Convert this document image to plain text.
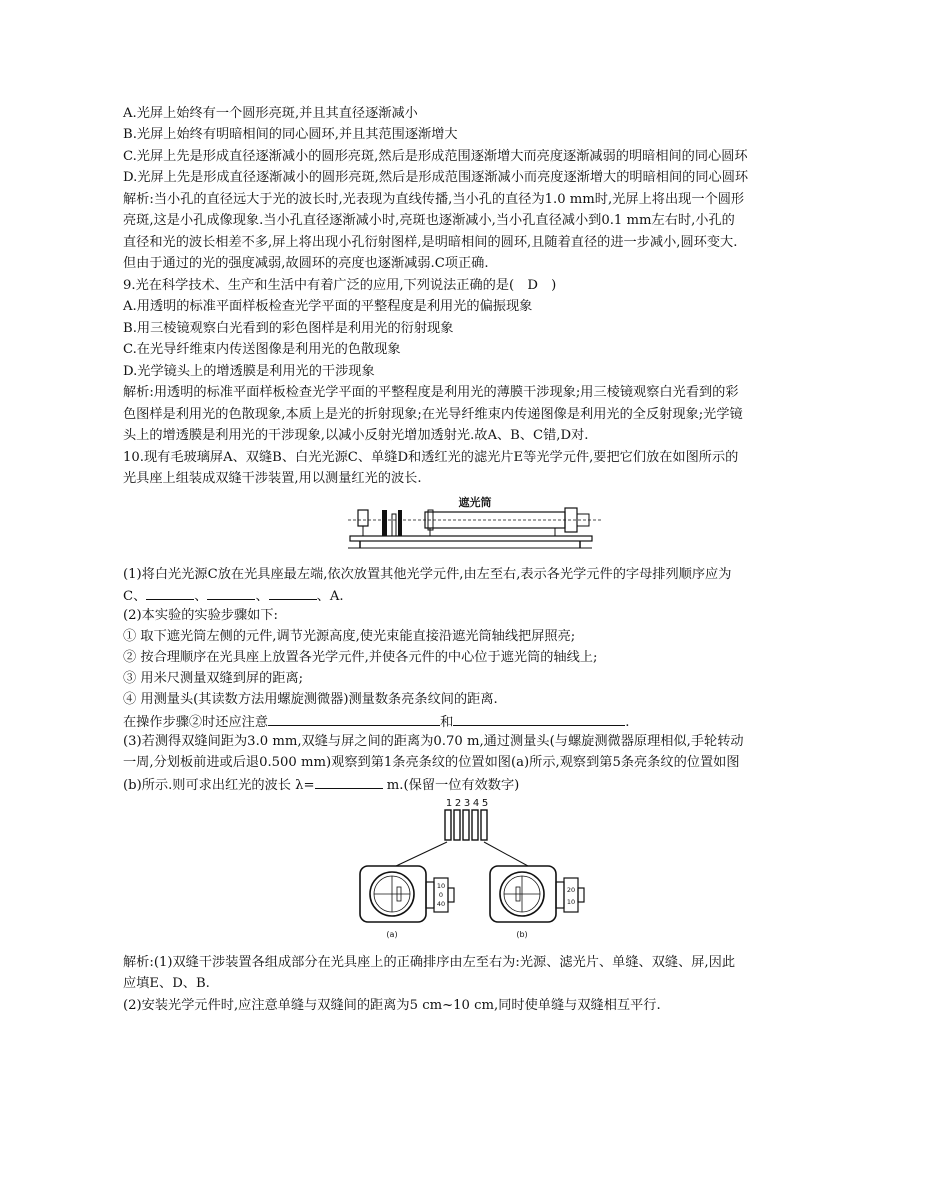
A.光屏上始终有一个圆形亮斑,并且其直径逐渐减小
B.光屏上始终有明暗相间的同心圆环,并且其范围逐渐增大
C.光屏上先是形成直径逐渐减小的圆形亮斑,然后是形成范围逐渐增大而亮度逐渐减弱的明暗相间的同心圆环
D.光屏上先是形成直径逐渐减小的圆形亮斑,然后是形成范围逐渐减小而亮度逐渐增大的明暗相间的同心圆环
解析:当小孔的直径远大于光的波长时,光表现为直线传播,当小孔的直径为1.0 mm时,光屏上将出现一个圆形
亮斑,这是小孔成像现象.当小孔直径逐渐减小时,亮斑也逐渐减小,当小孔直径减小到0.1 mm左右时,小孔的
直径和光的波长相差不多,屏上将出现小孔衍射图样,是明暗相间的圆环,且随着直径的进一步减小,圆环变大.
但由于通过的光的强度减弱,故圆环的亮度也逐渐减弱.C项正确.
9.光在科学技术、生产和生活中有着广泛的应用,下列说法正确的是(　D　)
A.用透明的标准平面样板检查光学平面的平整程度是利用光的偏振现象
B.用三棱镜观察白光看到的彩色图样是利用光的衍射现象
C.在光导纤维束内传送图像是利用光的色散现象
D.光学镜头上的增透膜是利用光的干涉现象
解析:用透明的标准平面样板检查光学平面的平整程度是利用光的薄膜干涉现象;用三棱镜观察白光看到的彩
色图样是利用光的色散现象,本质上是光的折射现象;在光导纤维束内传递图像是利用光的全反射现象;光学镜
头上的增透膜是利用光的干涉现象,以减小反射光增加透射光.故A、B、C错,D对.
10.现有毛玻璃屏A、双缝B、白光光源C、单缝D和透红光的滤光片E等光学元件,要把它们放在如图所示的
光具座上组装成双缝干涉装置,用以测量红光的波长.
遮光筒
(1)将白光光源C放在光具座最左端,依次放置其他光学元件,由左至右,表示各光学元件的字母排列顺序应为
C、	、	、	、A.
(2)本实验的实验步骤如下:
① 取下遮光筒左侧的元件,调节光源高度,使光束能直接沿遮光筒轴线把屏照亮;
② 按合理顺序在光具座上放置各光学元件,并使各元件的中心位于遮光筒的轴线上;
③ 用米尺测量双缝到屏的距离;
④ 用测量头(其读数方法用螺旋测微器)测量数条亮条纹间的距离.
在操作步骤②时还应注意	和	.
(3)若测得双缝间距为3.0 mm,双缝与屏之间的距离为0.70 m,通过测量头(与螺旋测微器原理相似,手轮转动
一周,分划板前进或后退0.500 mm)观察到第1条亮条纹的位置如图(a)所示,观察到第5条亮条纹的位置如图
(b)所示.则可求出红光的波长 λ=	m.(保留一位有效数字)
1 2 3 4 5
10
0
40
(a)
20
10
(b)
解析:(1)双缝干涉装置各组成部分在光具座上的正确排序由左至右为:光源、滤光片、单缝、双缝、屏,因此
应填E、D、B.
(2)安装光学元件时,应注意单缝与双缝间的距离为5 cm~10 cm,同时使单缝与双缝相互平行.
